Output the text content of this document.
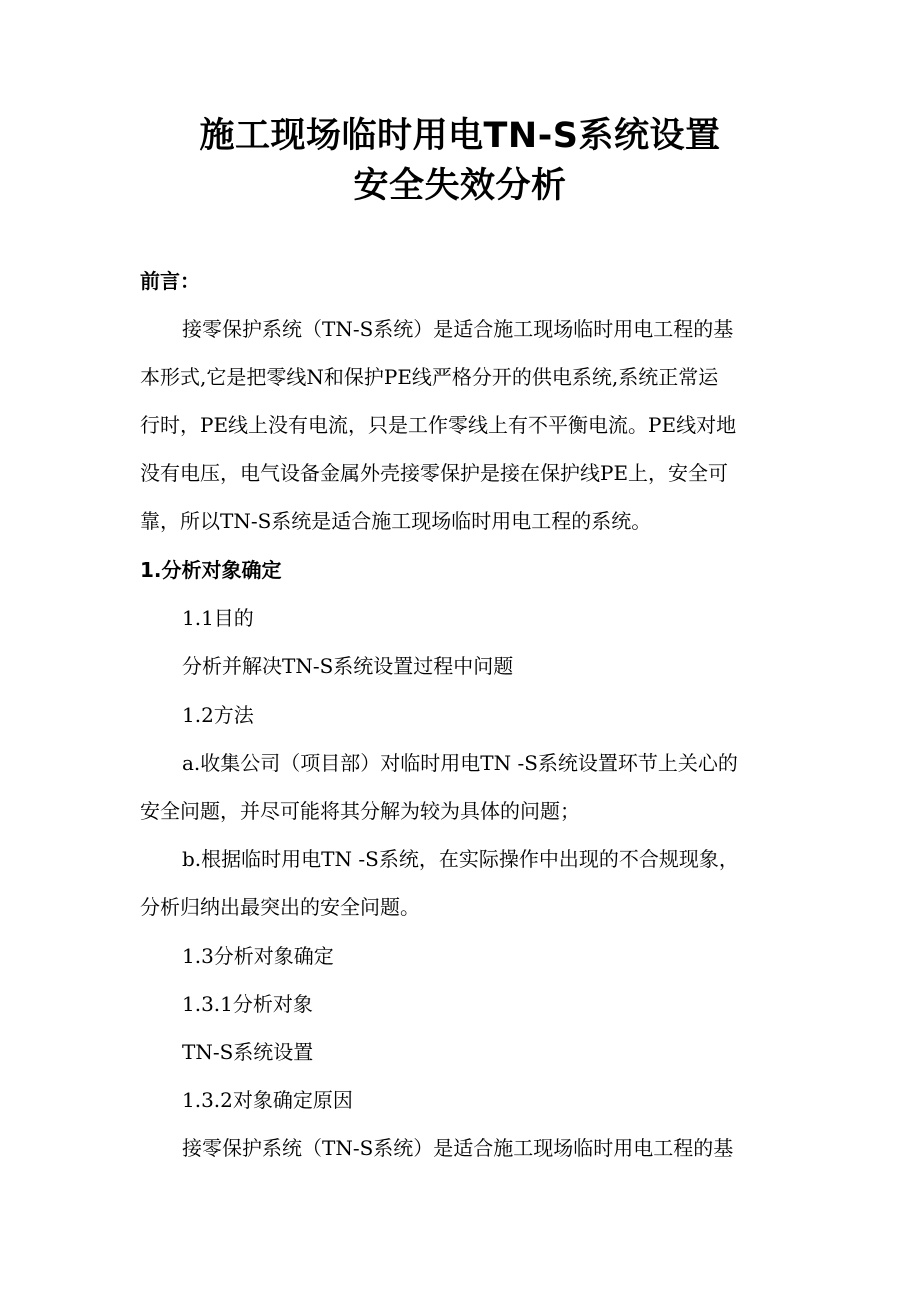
施工现场临时用电TN-S系统设置
安全失效分析
前言：
接零保护系统（TN-S系统）是适合施工现场临时用电工程的基
本形式,它是把零线N和保护PE线严格分开的供电系统,系统正常运
行时，PE线上没有电流，只是工作零线上有不平衡电流。PE线对地
没有电压，电气设备金属外壳接零保护是接在保护线PE上，安全可
靠，所以TN-S系统是适合施工现场临时用电工程的系统。
1.分析对象确定
1.1目的
分析并解决TN-S系统设置过程中问题
1.2方法
a.收集公司（项目部）对临时用电TN -S系统设置环节上关心的
安全问题，并尽可能将其分解为较为具体的问题；
b.根据临时用电TN -S系统，在实际操作中出现的不合规现象，
分析归纳出最突出的安全问题。
1.3分析对象确定
1.3.1分析对象
TN-S系统设置
1.3.2对象确定原因
接零保护系统（TN-S系统）是适合施工现场临时用电工程的基
